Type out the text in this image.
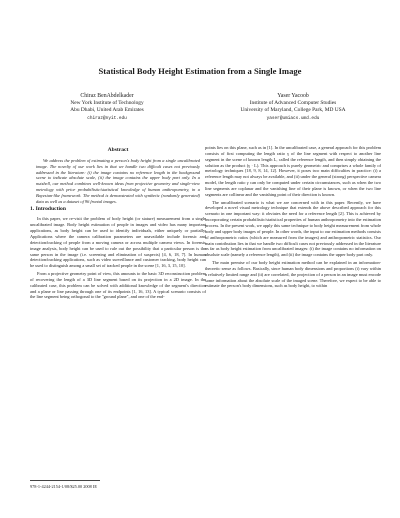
Statistical Body Height Estimation from a Single Image
Chiraz BenAbdelkader
New York Institute of Technology
Abu Dhabi, United Arab Emirates
chiraz@nyit.edu
Yaser Yacoob
Institute of Advanced Computer Studies
University of Maryland, College Park, MD USA
yaser@umiacs.umd.edu
Abstract

We address the problem of estimating a person's body height from a single uncalibrated image. The novelty of our work lies in that we handle two difficult cases not previously addressed in the literature: (i) the image contains no reference length in the background scene to indicate absolute scale, (ii) the image contains the upper body part only. In a nutshell, our method combines well-known ideas from projective geometry and single-view metrology with prior probabilistic/statistical knowledge of human anthropometry, in a Bayesian-like framework. The method is demonstrated with synthetic (randomly generated) data as well as a dataset of 96 frontal images.

1. Introduction

In this paper, we re-visit the problem of body height (or stature) measurement from a single uncalibrated image. Body height estimation of people in images and video has many important applications, as body height can be used to identify individuals, either uniquely or partially. Applications where the camera calibration parameters are unavailable include forensic and detection/tracking of people from a moving camera or across multiple camera views. In forensic image analysis, body height can be used to rule out the possibility that a particular person is the same person in the image (i.e. screening and elimination of suspects) [4, 6, 18, 7]. In human detection/tracking applications, such as video surveillance and customer tracking, body height can be used to distinguish among a small set of tracked people in the scene [1, 16, 3, 15, 10].

From a projective geometry point of view, this amounts to the basic 3D reconstruction problem of recovering the length of a 3D line segment based on its projection in a 2D image. In the calibrated case, this problem can be solved with additional knowledge of the segment's direction and a plane or line passing through one of its endpoints [1, 16, 13]. A typical scenario consists of the line segment being orthogonal to the "ground plane", and one of the end-

points lies on this plane, such as in [1]. In the uncalibrated case, a general approach for this problem consists of first computing the length ratio γ of the line segment with respect to another line segment in the scene of known length L, called the reference length, and then simply obtaining the solution as the product (γ · L). This approach is purely geometric and comprises a whole family of metrology techniques [18, 9, 8, 14, 12]. However, it poses two main difficulties in practice: (i) a reference length may not always be available, and (ii) under the general (strong) perspective camera model, the length ratio γ can only be computed under certain circumstances, such as when the two line segments are coplanar and the vanishing line of their plane is known, or when the two line segments are collinear and the vanishing point of their direction is known.

The uncalibrated scenario is what we are concerned with in this paper. Recently, we have developed a novel visual metrology technique that extends the above described approach for this scenario in one important way: it obviates the need for a reference length [2]. This is achieved by incorporating certain probabilistic/statistical properties of human anthropometry into the estimation process. In the present work, we apply this same technique to body height measurement from whole body and upper body images of people. In other words, the input to our estimation methods consists of anthropometric ratios (which are measured from the images) and anthropometric statistics. Our main contribution lies in that we handle two difficult cases not previously addressed in the literature as far as body height estimation from uncalibrated images: (i) the image contains no information on absolute scale (namely a reference length), and (ii) the image contains the upper body part only.

The main premise of our body height estimation method can be explained in an information-theoretic sense as follows. Basically, since human body dimensions and proportions (i) vary within a relatively limited range and (ii) are correlated, the projection of a person in an image must encode some information about the absolute scale of the imaged scene. Therefore, we expect to be able to estimate the person's body dimensions, such as body height, to within

978-1-4244-2154-1/08/$25.00 2008 IE
